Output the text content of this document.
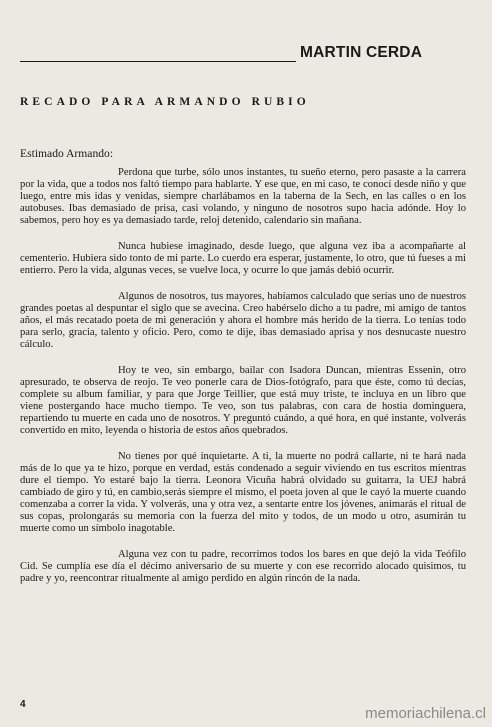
MARTIN CERDA
RECADO PARA ARMANDO RUBIO
Estimado Armando:

Perdona que turbe, sólo unos instantes, tu sueño eterno, pero pasaste a la carrera por la vida, que a todos nos faltó tiempo para hablarte. Y ese que, en mi caso, te conocí desde niño y que luego, entre mis idas y venidas, siempre charlábamos en la taberna de la Sech, en las calles o en los autobuses. Ibas demasiado de prisa, casi volando, y ninguno de nosotros supo hacia adónde. Hoy lo sabemos, pero hoy es ya demasiado tarde, reloj detenido, calendario sin mañana.

Nunca hubiese imaginado, desde luego, que alguna vez iba a acompañarte al cementerio. Hubiera sido tonto de mi parte. Lo cuerdo era esperar, justamente, lo otro, que tú fueses a mi entierro. Pero la vida, algunas veces, se vuelve loca, y ocurre lo que jamás debió ocurrir.

Algunos de nosotros, tus mayores, habíamos calculado que serías uno de nuestros grandes poetas al despuntar el siglo que se avecina. Creo habérselo dicho a tu padre, mi amigo de tantos años, el más recatado poeta de mi generación y ahora el hombre más herido de la tierra. Lo tenías todo para serlo, gracia, talento y oficio. Pero, como te dije, ibas demasiado aprisa y nos desnucaste nuestro cálculo.

Hoy te veo, sin embargo, bailar con Isadora Duncan, mientras Essenin, otro apresurado, te observa de reojo. Te veo ponerle cara de Dios-fotógrafo, para que éste, como tú decías, complete su album familiar, y para que Jorge Teillier, que está muy triste, te incluya en un libro que viene postergando hace mucho tiempo. Te veo, son tus palabras, con cara de hostia dominguera, repartiendo tu muerte en cada uno de nosotros. Y preguntó cuándo, a qué hora, en qué instante, volverás convertido en mito, leyenda o historia de estos años quebrados.

No tienes por qué inquietarte. A ti, la muerte no podrá callarte, ni te hará nada más de lo que ya te hizo, porque en verdad, estás condenado a seguir viviendo en tus escritos mientras dure el tiempo. Yo estaré bajo la tierra. Leonora Vicuña habrá olvidado su guitarra, la UEJ habrá cambiado de giro y tú, en cambio,serás siempre el mismo, el poeta joven al que le cayó la muerte cuando comenzaba a correr la vida. Y volverás, una y otra vez, a sentarte entre los jóvenes, animarás el ritual de sus copas, prolongarás su memoria con la fuerza del mito y todos, de un modo u otro, asumirán tu muerte como un símbolo inagotable.

Alguna vez con tu padre, recorrimos todos los bares en que dejó la vida Teófilo Cid. Se cumplía ese día el décimo aniversario de su muerte y con ese recorrido alocado quisimos, tu padre y yo, reencontrar ritualmente al amigo perdido en algún rincón de la nada.

4
memoriachilena.cl
